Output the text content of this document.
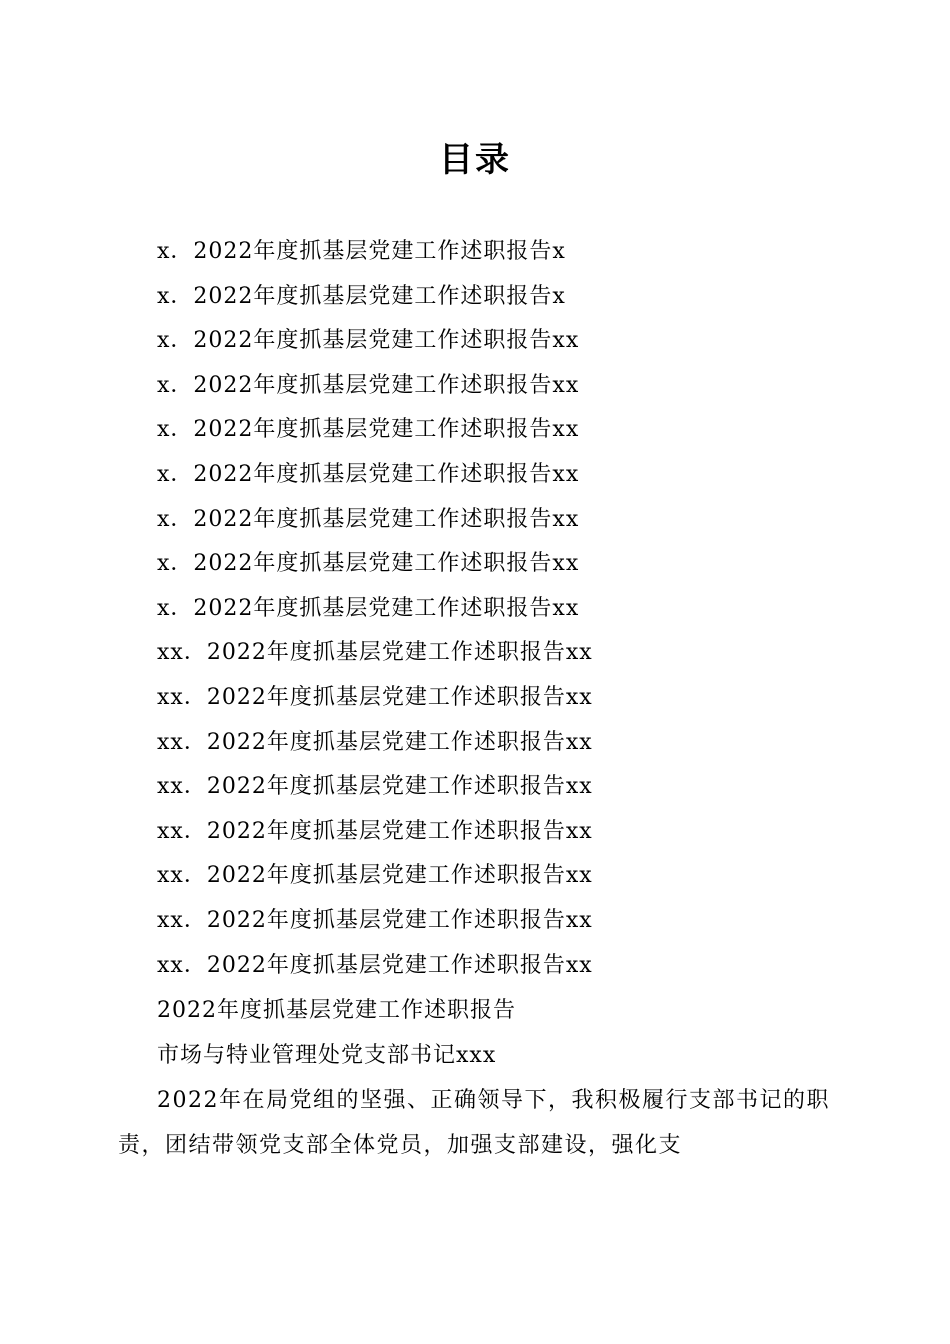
目录
x．2022年度抓基层党建工作述职报告x
x．2022年度抓基层党建工作述职报告x
x．2022年度抓基层党建工作述职报告xx
x．2022年度抓基层党建工作述职报告xx
x．2022年度抓基层党建工作述职报告xx
x．2022年度抓基层党建工作述职报告xx
x．2022年度抓基层党建工作述职报告xx
x．2022年度抓基层党建工作述职报告xx
x．2022年度抓基层党建工作述职报告xx
xx．2022年度抓基层党建工作述职报告xx
xx．2022年度抓基层党建工作述职报告xx
xx．2022年度抓基层党建工作述职报告xx
xx．2022年度抓基层党建工作述职报告xx
xx．2022年度抓基层党建工作述职报告xx
xx．2022年度抓基层党建工作述职报告xx
xx．2022年度抓基层党建工作述职报告xx
xx．2022年度抓基层党建工作述职报告xx
2022年度抓基层党建工作述职报告
市场与特业管理处党支部书记xxx

2022年在局党组的坚强、正确领导下，我积极履行支部书记的职责，团结带领党支部全体党员，加强支部建设，强化支
